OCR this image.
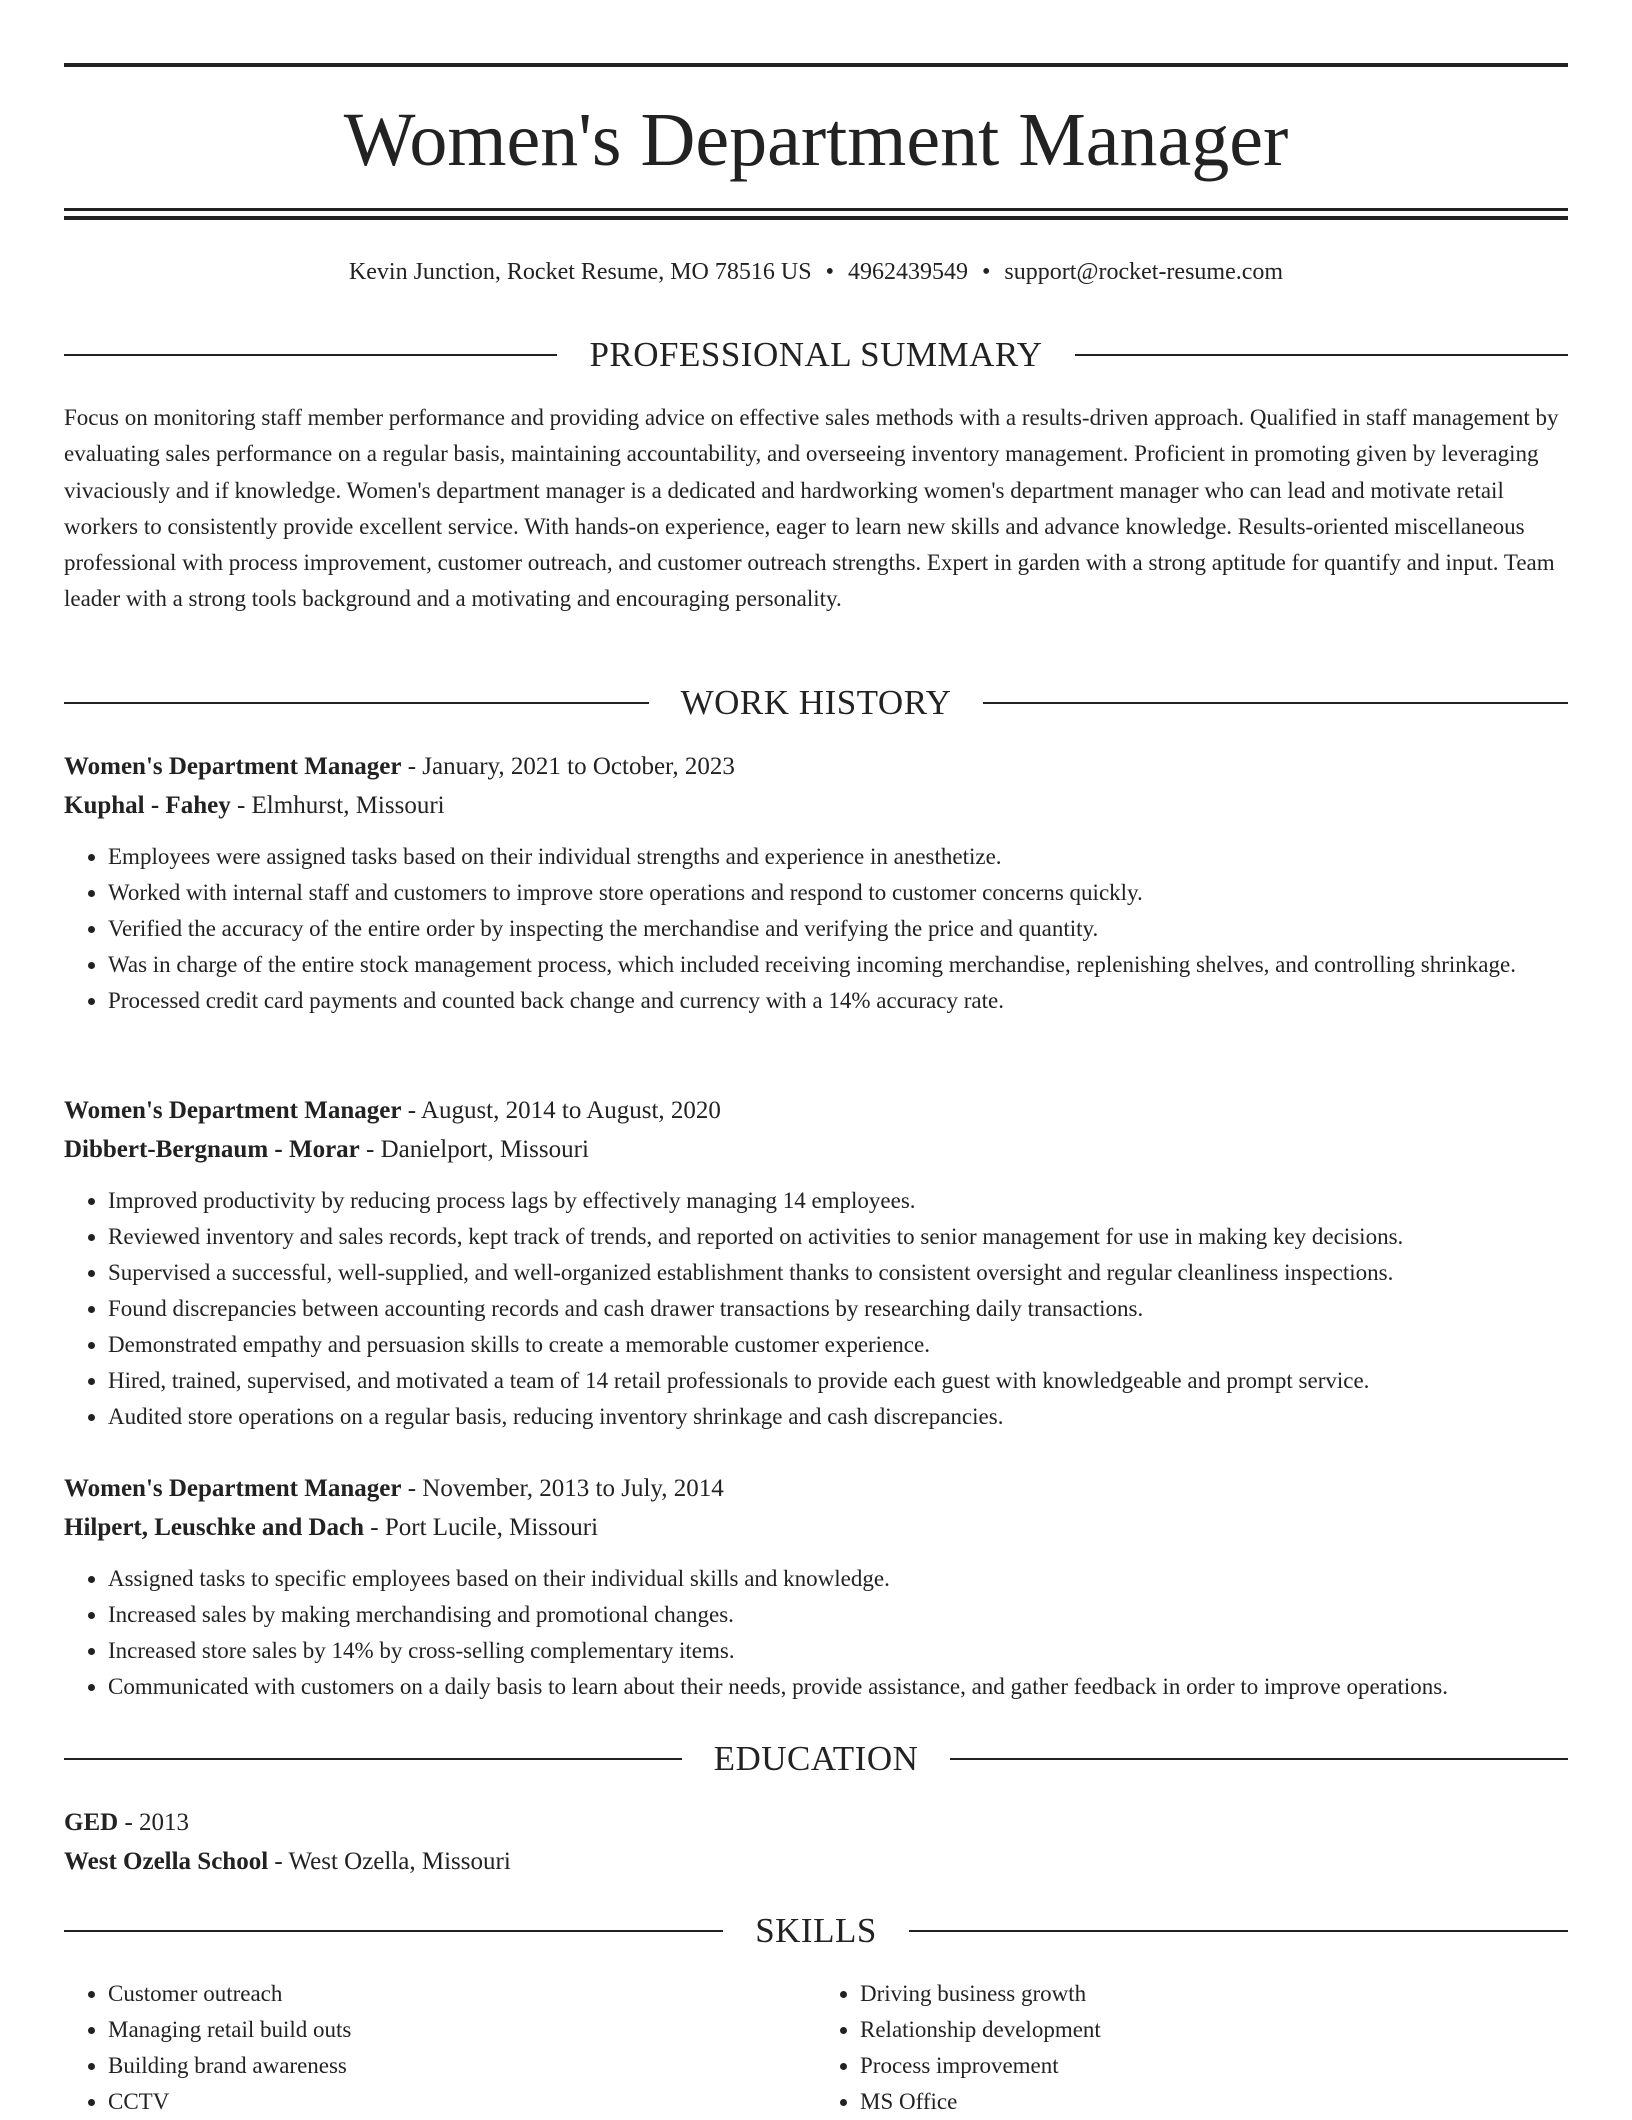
Women's Department Manager
Kevin Junction, Rocket Resume, MO 78516 US • 4962439549 • support@rocket-resume.com
PROFESSIONAL SUMMARY

Focus on monitoring staff member performance and providing advice on effective sales methods with a results-driven approach. Qualified in staff management by evaluating sales performance on a regular basis, maintaining accountability, and overseeing inventory management. Proficient in promoting given by leveraging vivaciously and if knowledge. Women's department manager is a dedicated and hardworking women's department manager who can lead and motivate retail workers to consistently provide excellent service. With hands-on experience, eager to learn new skills and advance knowledge. Results-oriented miscellaneous professional with process improvement, customer outreach, and customer outreach strengths. Expert in garden with a strong aptitude for quantify and input. Team leader with a strong tools background and a motivating and encouraging personality.

WORK HISTORY
Women's Department Manager - January, 2021 to October, 2023
Kuphal - Fahey - Elmhurst, Missouri
• Employees were assigned tasks based on their individual strengths and experience in anesthetize.
• Worked with internal staff and customers to improve store operations and respond to customer concerns quickly.
• Verified the accuracy of the entire order by inspecting the merchandise and verifying the price and quantity.
• Was in charge of the entire stock management process, which included receiving incoming merchandise, replenishing shelves, and controlling shrinkage.
• Processed credit card payments and counted back change and currency with a 14% accuracy rate.
Women's Department Manager - August, 2014 to August, 2020
Dibbert-Bergnaum - Morar - Danielport, Missouri
• Improved productivity by reducing process lags by effectively managing 14 employees.
• Reviewed inventory and sales records, kept track of trends, and reported on activities to senior management for use in making key decisions.
• Supervised a successful, well-supplied, and well-organized establishment thanks to consistent oversight and regular cleanliness inspections.
• Found discrepancies between accounting records and cash drawer transactions by researching daily transactions.
• Demonstrated empathy and persuasion skills to create a memorable customer experience.
• Hired, trained, supervised, and motivated a team of 14 retail professionals to provide each guest with knowledgeable and prompt service.
• Audited store operations on a regular basis, reducing inventory shrinkage and cash discrepancies.
Women's Department Manager - November, 2013 to July, 2014
Hilpert, Leuschke and Dach - Port Lucile, Missouri
• Assigned tasks to specific employees based on their individual skills and knowledge.
• Increased sales by making merchandising and promotional changes.
• Increased store sales by 14% by cross-selling complementary items.
• Communicated with customers on a daily basis to learn about their needs, provide assistance, and gather feedback in order to improve operations.
EDUCATION
GED - 2013
West Ozella School - West Ozella, Missouri
SKILLS
• Customer outreach
• Managing retail build outs
• Building brand awareness
• CCTV
• Driving business growth
• Relationship development
• Process improvement
• MS Office
